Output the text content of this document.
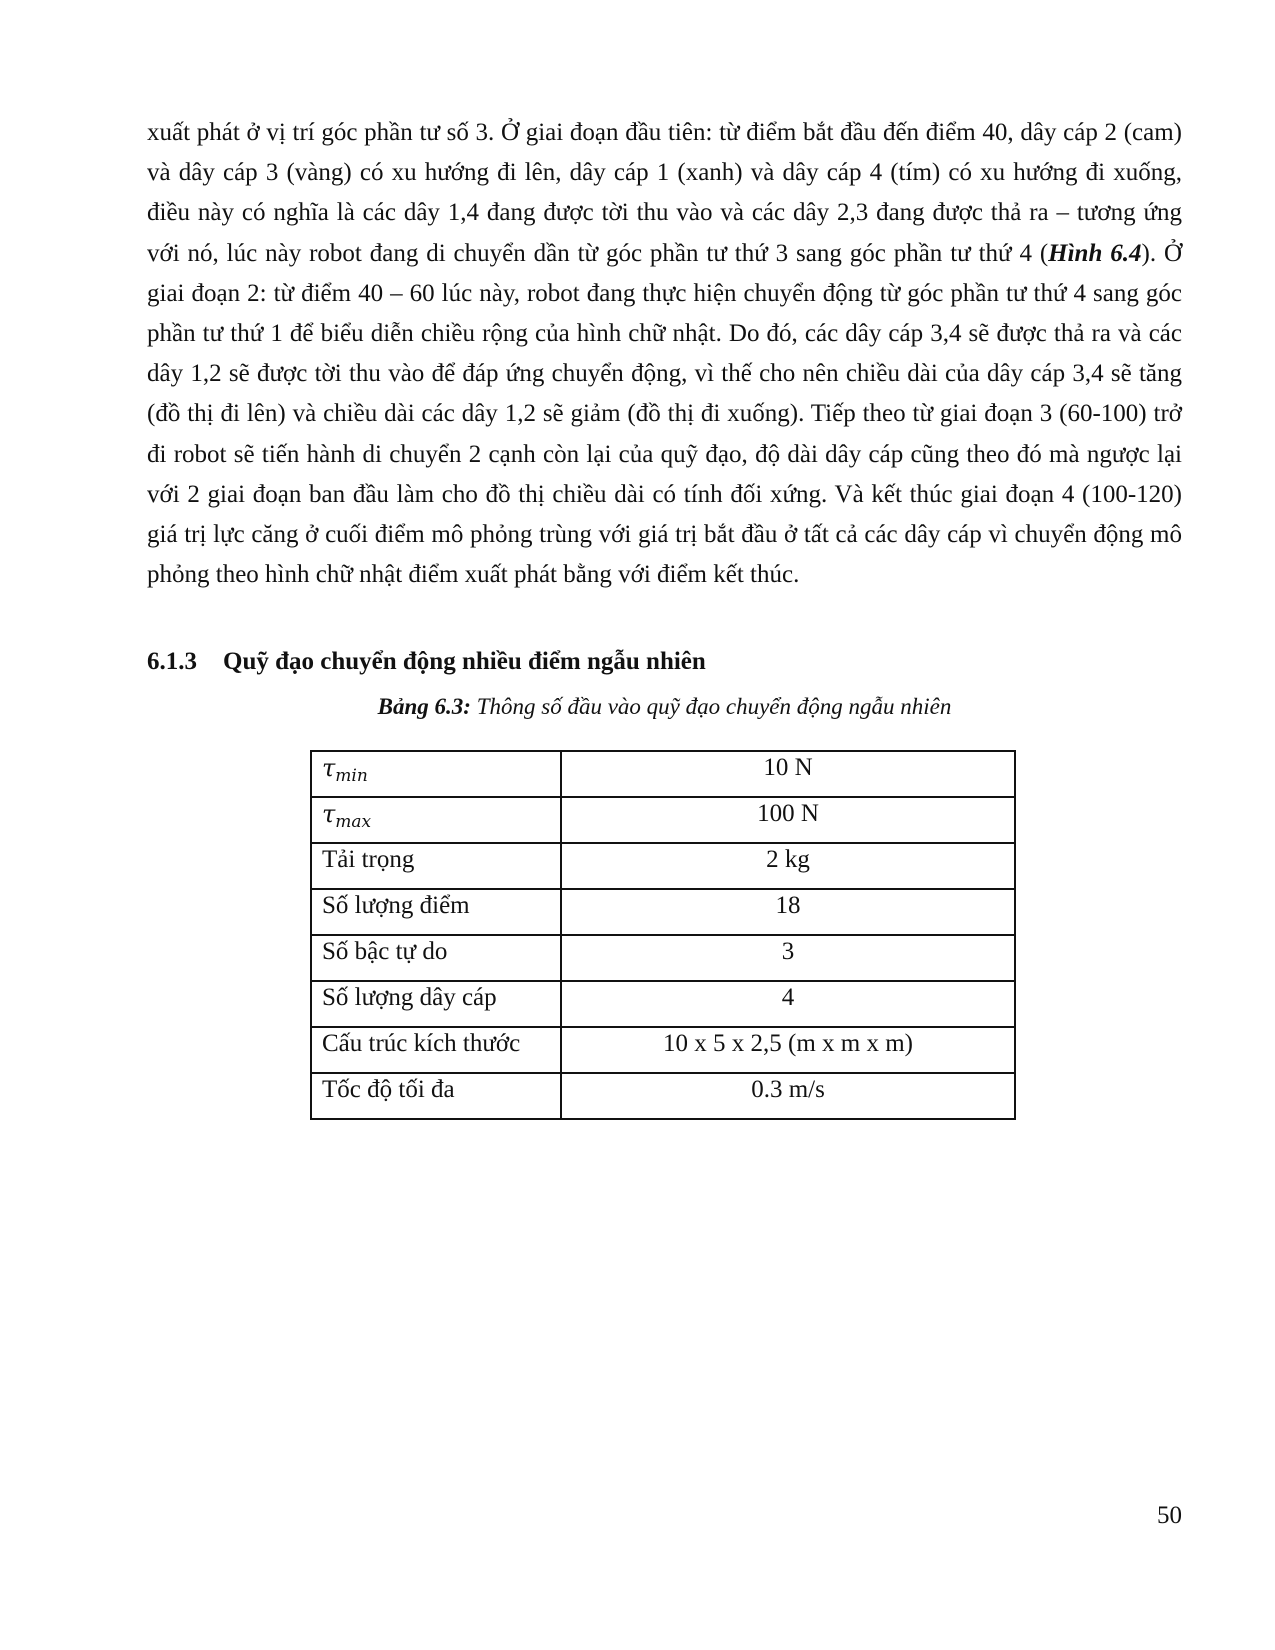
xuất phát ở vị trí góc phần tư số 3. Ở giai đoạn đầu tiên: từ điểm bắt đầu đến điểm 40, dây cáp 2 (cam) và dây cáp 3 (vàng) có xu hướng đi lên, dây cáp 1 (xanh) và dây cáp 4 (tím) có xu hướng đi xuống, điều này có nghĩa là các dây 1,4 đang được tời thu vào và các dây 2,3 đang được thả ra – tương ứng với nó, lúc này robot đang di chuyển dần từ góc phần tư thứ 3 sang góc phần tư thứ 4 (Hình 6.4). Ở giai đoạn 2: từ điểm 40 – 60 lúc này, robot đang thực hiện chuyển động từ góc phần tư thứ 4 sang góc phần tư thứ 1 để biểu diễn chiều rộng của hình chữ nhật. Do đó, các dây cáp 3,4 sẽ được thả ra và các dây 1,2 sẽ được tời thu vào để đáp ứng chuyển động, vì thế cho nên chiều dài của dây cáp 3,4 sẽ tăng (đồ thị đi lên) và chiều dài các dây 1,2 sẽ giảm (đồ thị đi xuống). Tiếp theo từ giai đoạn 3 (60-100) trở đi robot sẽ tiến hành di chuyển 2 cạnh còn lại của quỹ đạo, độ dài dây cáp cũng theo đó mà ngược lại với 2 giai đoạn ban đầu làm cho đồ thị chiều dài có tính đối xứng. Và kết thúc giai đoạn 4 (100-120) giá trị lực căng ở cuối điểm mô phỏng trùng với giá trị bắt đầu ở tất cả các dây cáp vì chuyển động mô phỏng theo hình chữ nhật điểm xuất phát bằng với điểm kết thúc.

6.1.3 Quỹ đạo chuyển động nhiều điểm ngẫu nhiên

Bảng 6.3: Thông số đầu vào quỹ đạo chuyển động ngẫu nhiên

$\tau_{min}$	10 N
$\tau_{max}$	100 N
Tải trọng	2 kg
Số lượng điểm	18
Số bậc tự do	3
Số lượng dây cáp	4
Cấu trúc kích thước	10 x 5 x 2,5 (m x m x m)
Tốc độ tối đa	0.3 m/s

50
